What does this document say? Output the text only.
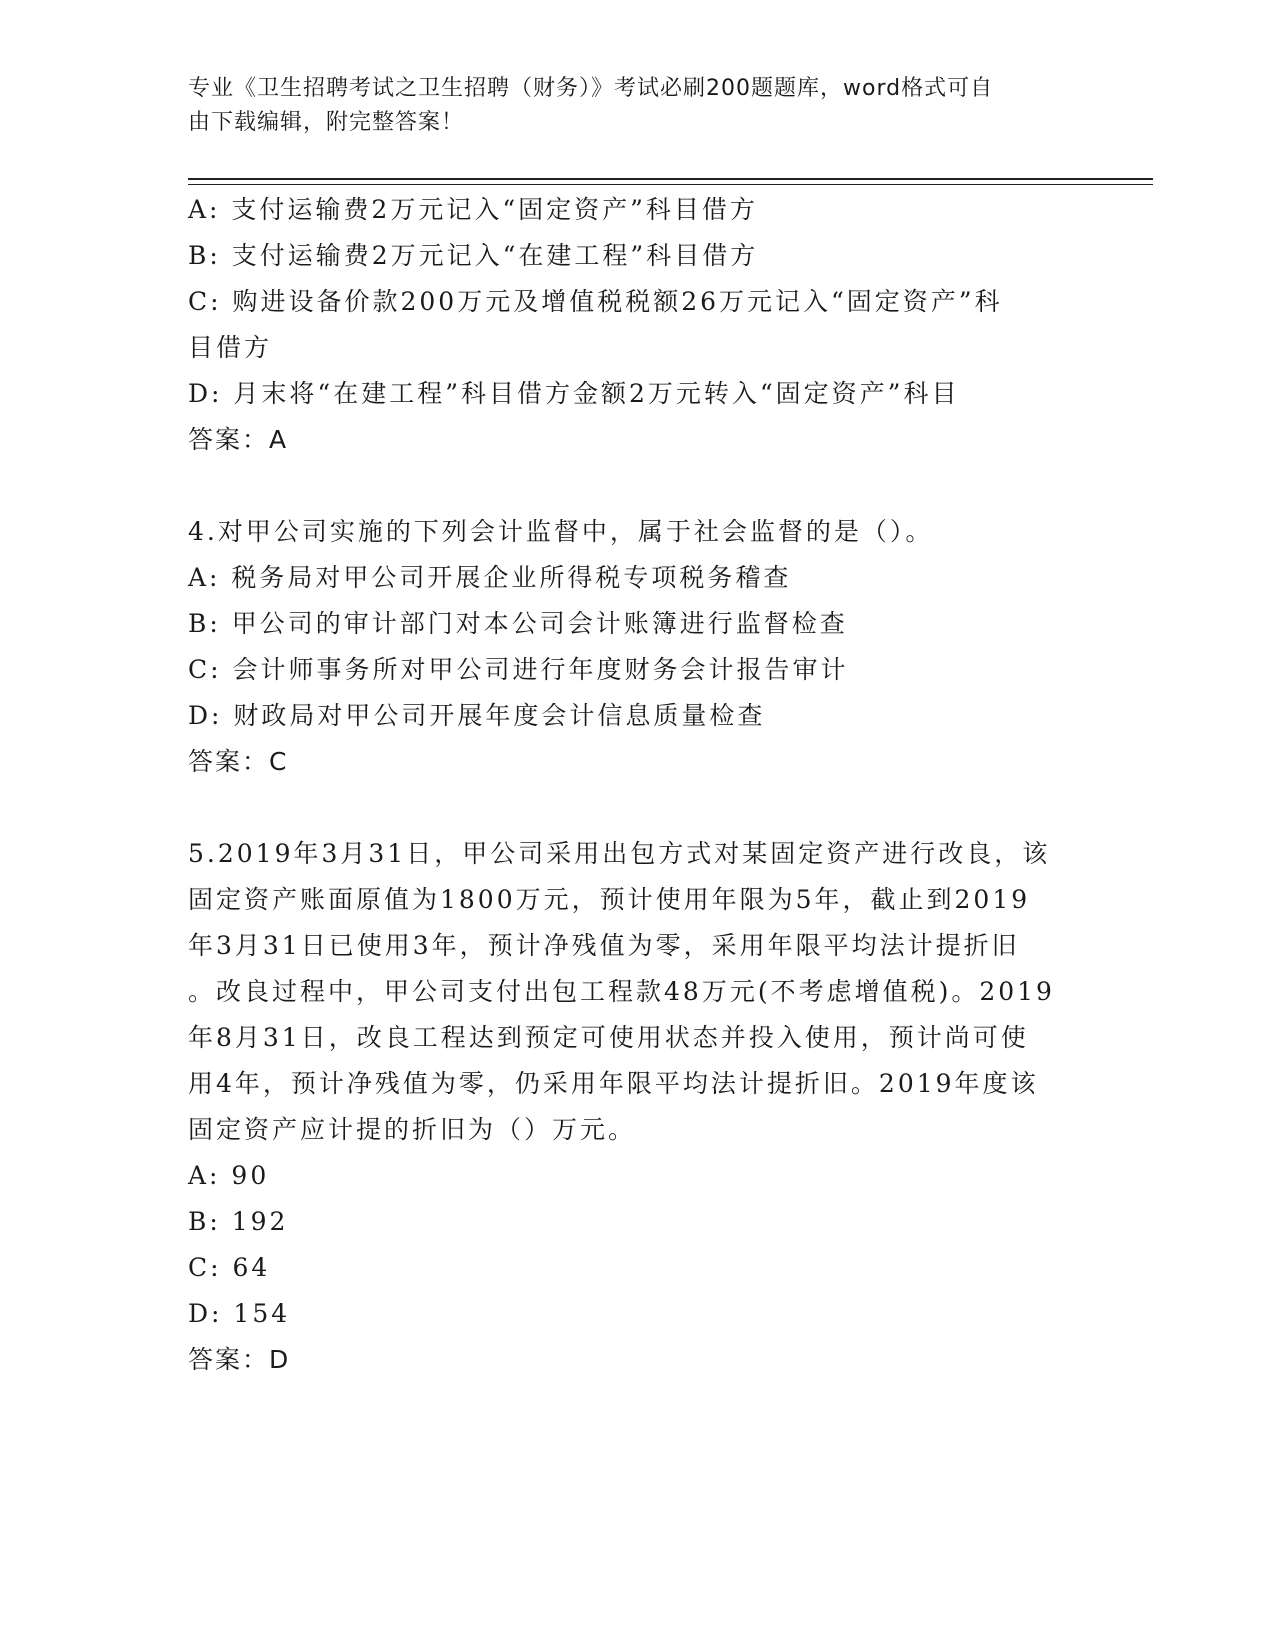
专业《卫生招聘考试之卫生招聘（财务）》考试必刷200题题库，word格式可自
由下载编辑，附完整答案！
A: 支付运输费2万元记入“固定资产”科目借方
B: 支付运输费2万元记入“在建工程”科目借方
C: 购进设备价款200万元及增值税税额26万元记入“固定资产”科
目借方
D: 月末将“在建工程”科目借方金额2万元转入“固定资产”科目
答案：A
4.对甲公司实施的下列会计监督中，属于社会监督的是（）。
A: 税务局对甲公司开展企业所得税专项税务稽查
B: 甲公司的审计部门对本公司会计账簿进行监督检查
C: 会计师事务所对甲公司进行年度财务会计报告审计
D: 财政局对甲公司开展年度会计信息质量检查
答案：C
5.2019年3月31日，甲公司采用出包方式对某固定资产进行改良，该
固定资产账面原值为1800万元，预计使用年限为5年，截止到2019
年3月31日已使用3年，预计净残值为零，采用年限平均法计提折旧
。改良过程中，甲公司支付出包工程款48万元(不考虑增值税)。2019
年8月31日，改良工程达到预定可使用状态并投入使用，预计尚可使
用4年，预计净残值为零，仍采用年限平均法计提折旧。2019年度该
固定资产应计提的折旧为（）万元。
A: 90
B: 192
C: 64
D: 154
答案：D
